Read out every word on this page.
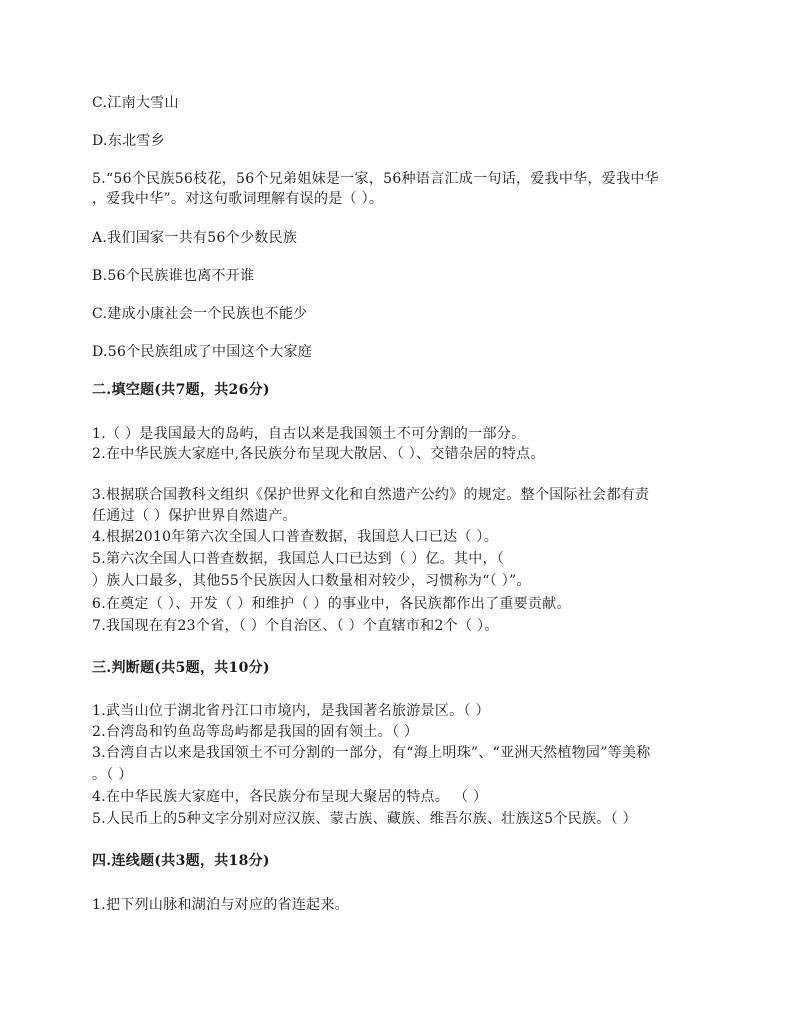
C.江南大雪山
D.东北雪乡
5.“56个民族56枝花，56个兄弟姐妹是一家，56种语言汇成一句话，爱我中华，爱我中华
，爱我中华”。对这句歌词理解有误的是（ ）。
A.我们国家一共有56个少数民族
B.56个民族谁也离不开谁
C.建成小康社会一个民族也不能少
D.56个民族组成了中国这个大家庭
二.填空题(共7题，共26分)
1.（ ）是我国最大的岛屿，自古以来是我国领土不可分割的一部分。
2.在中华民族大家庭中,各民族分布呈现大散居、（ ）、交错杂居的特点。
3.根据联合国教科文组织《保护世界文化和自然遗产公约》的规定。整个国际社会都有责
任通过（ ）保护世界自然遗产。
4.根据2010年第六次全国人口普查数据，我国总人口已达（ ）。
5.第六次全国人口普查数据，我国总人口已达到（ ）亿。其中，（
）族人口最多，其他55个民族因人口数量相对较少，习惯称为“（ ）”。
6.在奠定（ ）、开发（ ）和维护（ ）的事业中，各民族都作出了重要贡献。
7.我国现在有23个省，（ ）个自治区、（ ）个直辖市和2个（ ）。
三.判断题(共5题，共10分)
1.武当山位于湖北省丹江口市境内，是我国著名旅游景区。（ ）
2.台湾岛和钓鱼岛等岛屿都是我国的固有领土。（ ）
3.台湾自古以来是我国领土不可分割的一部分，有“海上明珠”、“亚洲天然植物园”等美称
。（ ）
4.在中华民族大家庭中，各民族分布呈现大聚居的特点。 （ ）
5.人民币上的5种文字分别对应汉族、蒙古族、藏族、维吾尔族、壮族这5个民族。（ ）
四.连线题(共3题，共18分)
1.把下列山脉和湖泊与对应的省连起来。
